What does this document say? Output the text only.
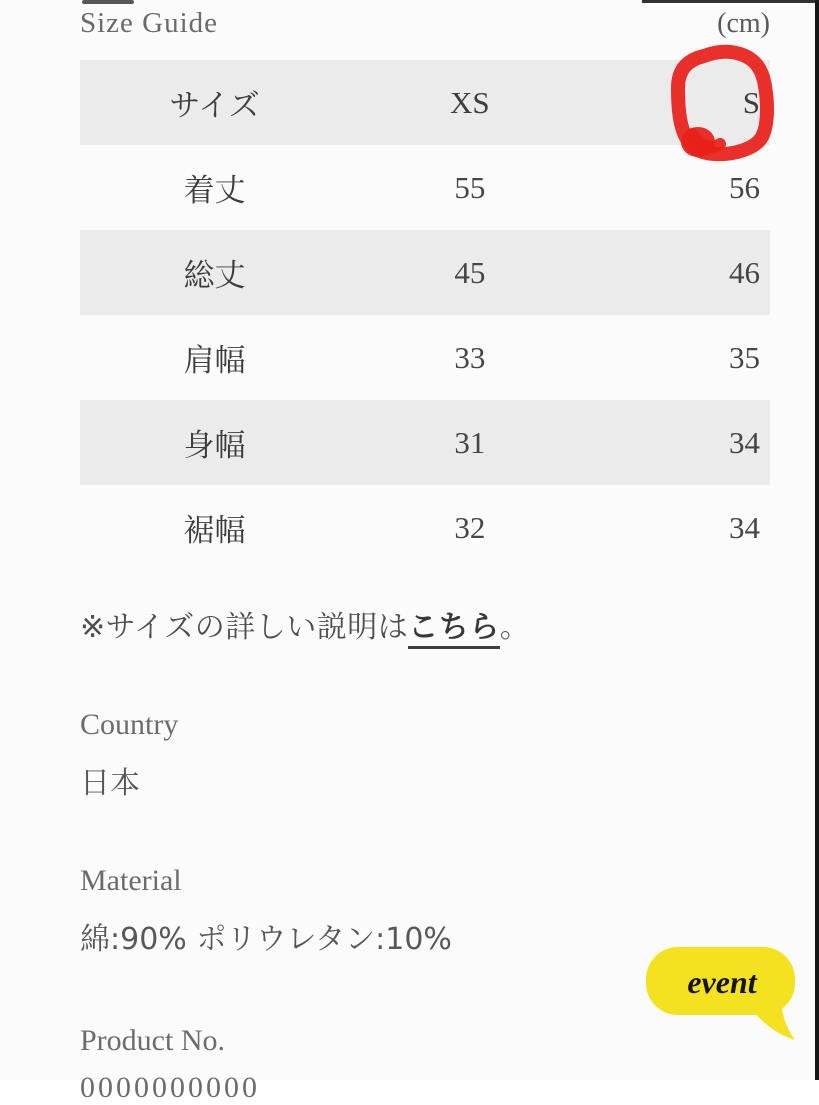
Size Guide	(cm)
サイズ	XS	S
着丈	55	56
総丈	45	46
肩幅	33	35
身幅	31	34
裾幅	32	34
※サイズの詳しい説明はこちら。
Country
日本
Material
綿:90% ポリウレタン:10%
Product No.
0000000000
event
